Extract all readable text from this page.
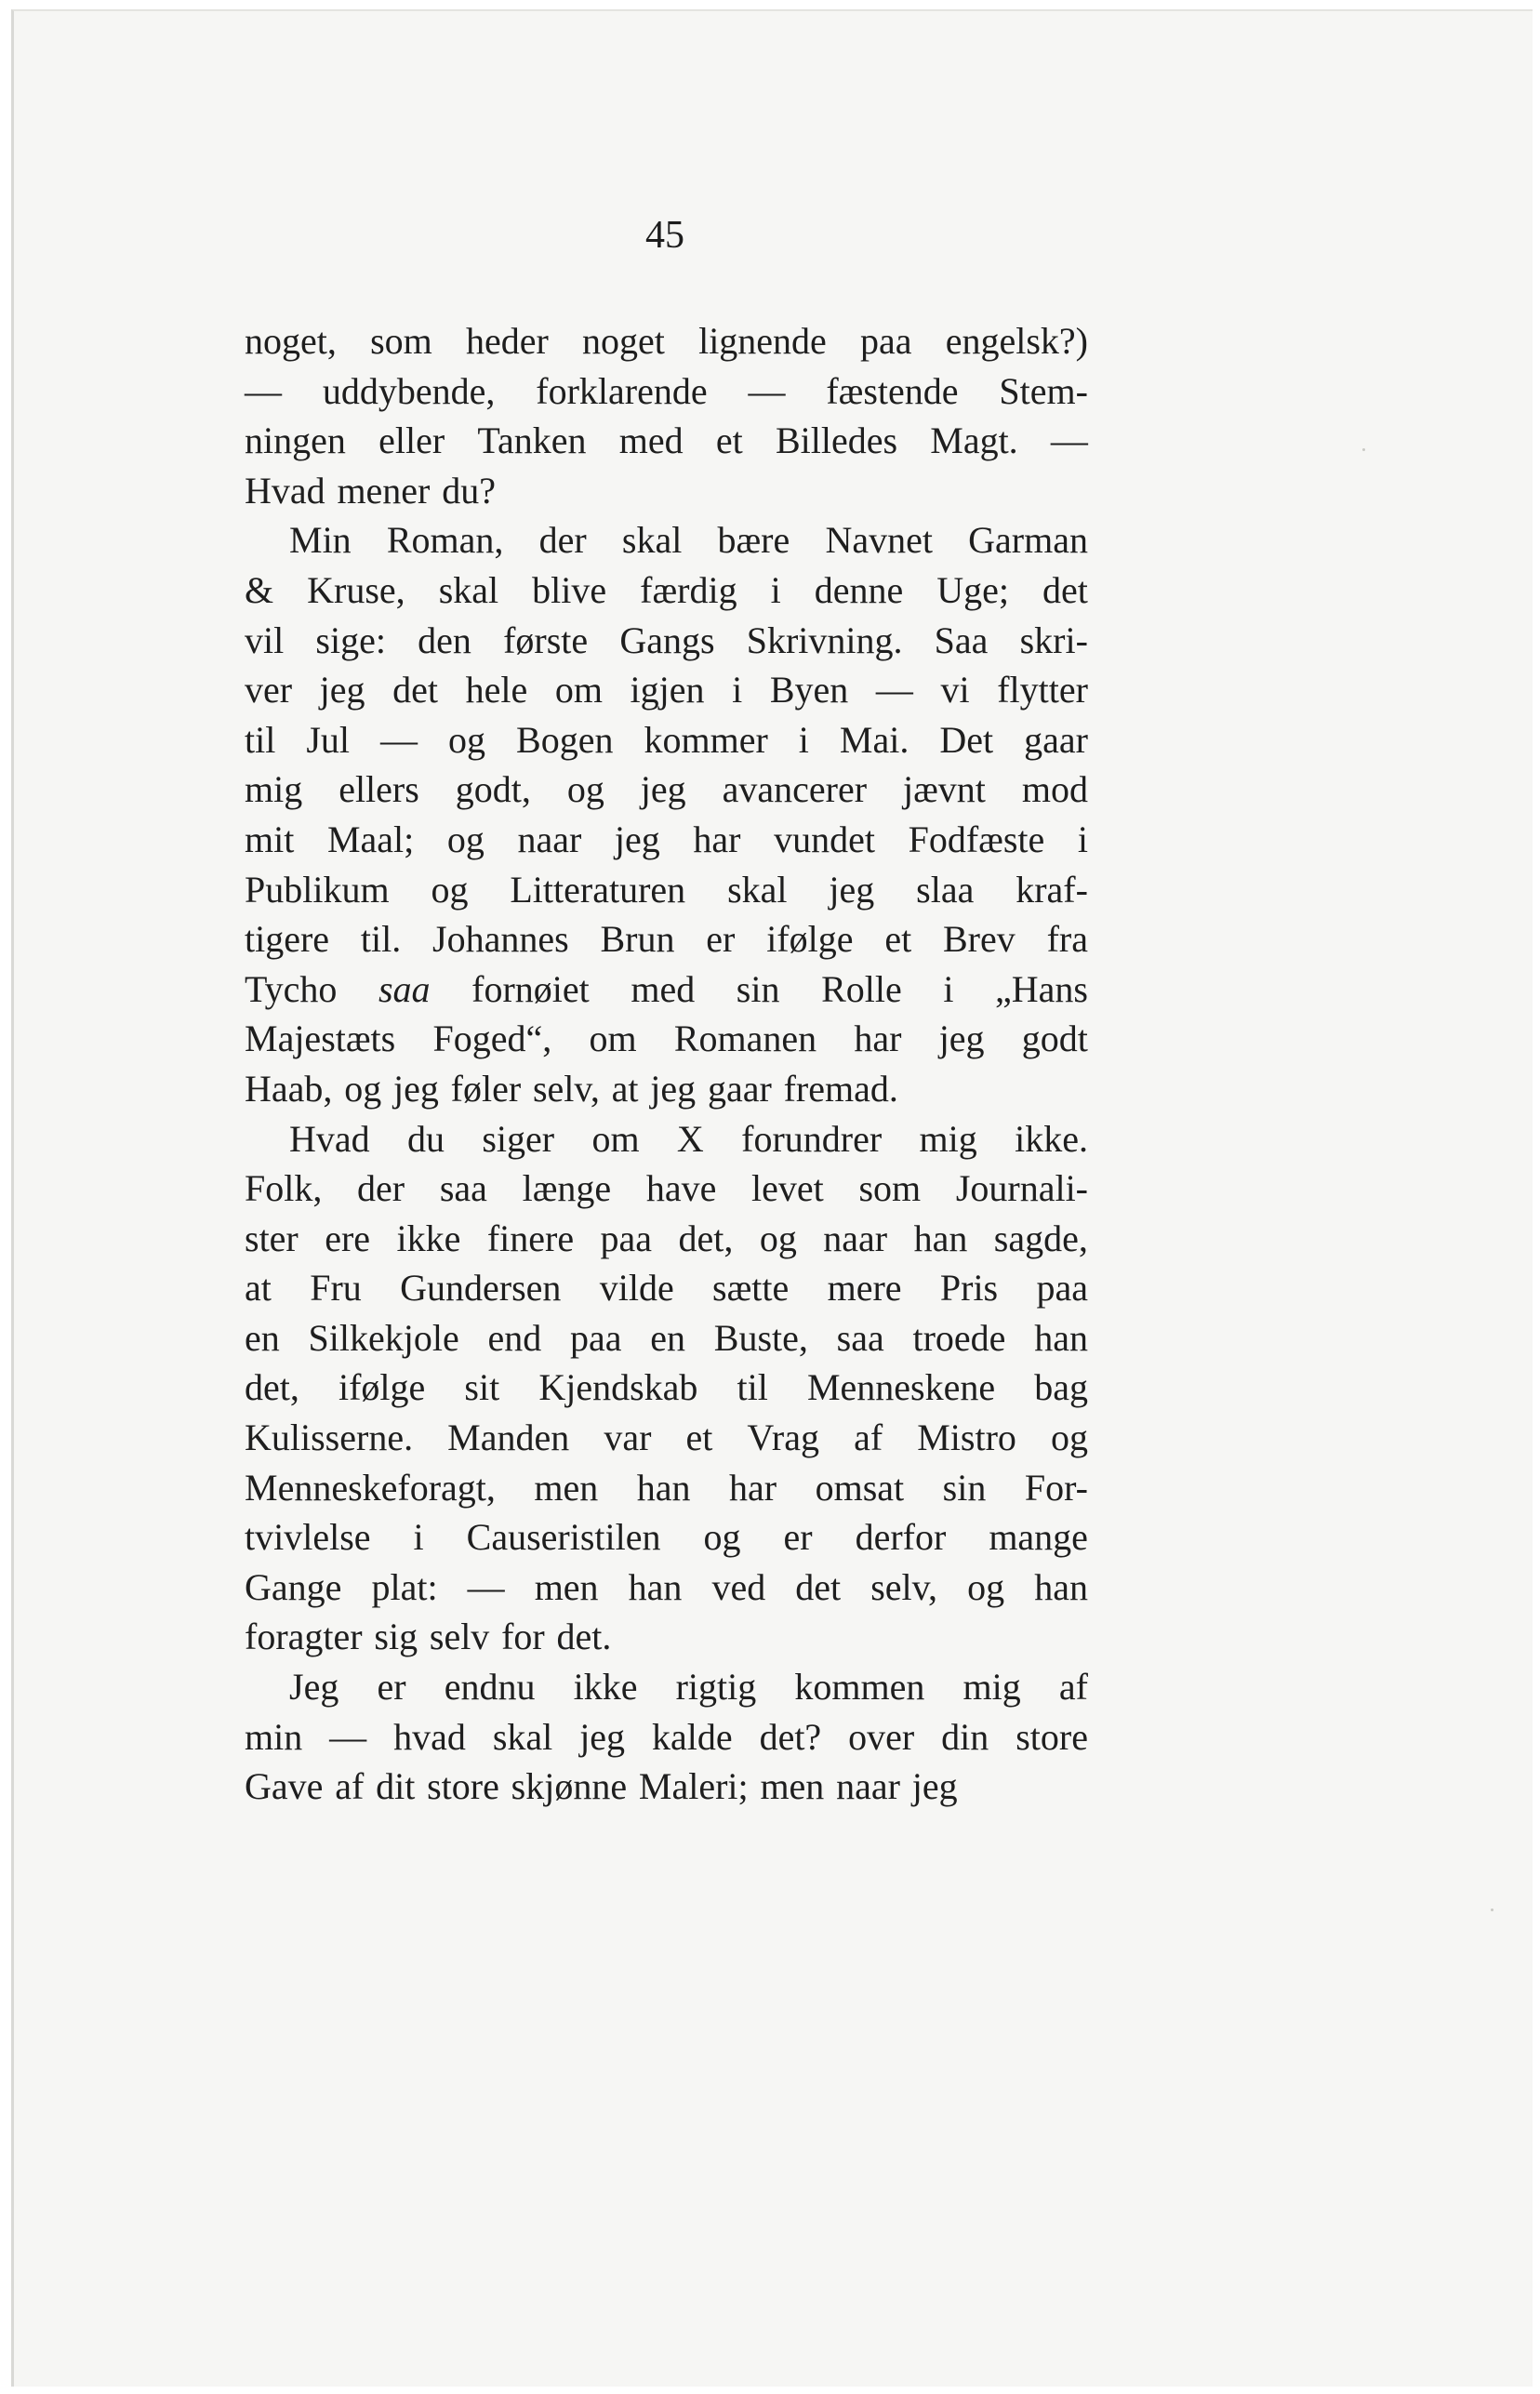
45
noget, som heder noget lignende paa engelsk?)
— uddybende, forklarende — fæstende Stem-
ningen eller Tanken med et Billedes Magt. —
Hvad mener du?
Min Roman, der skal bære Navnet Garman
& Kruse, skal blive færdig i denne Uge; det
vil sige: den første Gangs Skrivning. Saa skri-
ver jeg det hele om igjen i Byen — vi flytter
til Jul — og Bogen kommer i Mai. Det gaar
mig ellers godt, og jeg avancerer jævnt mod
mit Maal; og naar jeg har vundet Fodfæste i
Publikum og Litteraturen skal jeg slaa kraf-
tigere til. Johannes Brun er ifølge et Brev fra
Tycho saa fornøiet med sin Rolle i „Hans
Majestæts Foged“, om Romanen har jeg godt
Haab, og jeg føler selv, at jeg gaar fremad.
Hvad du siger om X forundrer mig ikke.
Folk, der saa længe have levet som Journali-
ster ere ikke finere paa det, og naar han sagde,
at Fru Gundersen vilde sætte mere Pris paa
en Silkekjole end paa en Buste, saa troede han
det, ifølge sit Kjendskab til Menneskene bag
Kulisserne. Manden var et Vrag af Mistro og
Menneskeforagt, men han har omsat sin For-
tvivlelse i Causeristilen og er derfor mange
Gange plat: — men han ved det selv, og han
foragter sig selv for det.
Jeg er endnu ikke rigtig kommen mig af
min — hvad skal jeg kalde det? over din store
Gave af dit store skjønne Maleri; men naar jeg
